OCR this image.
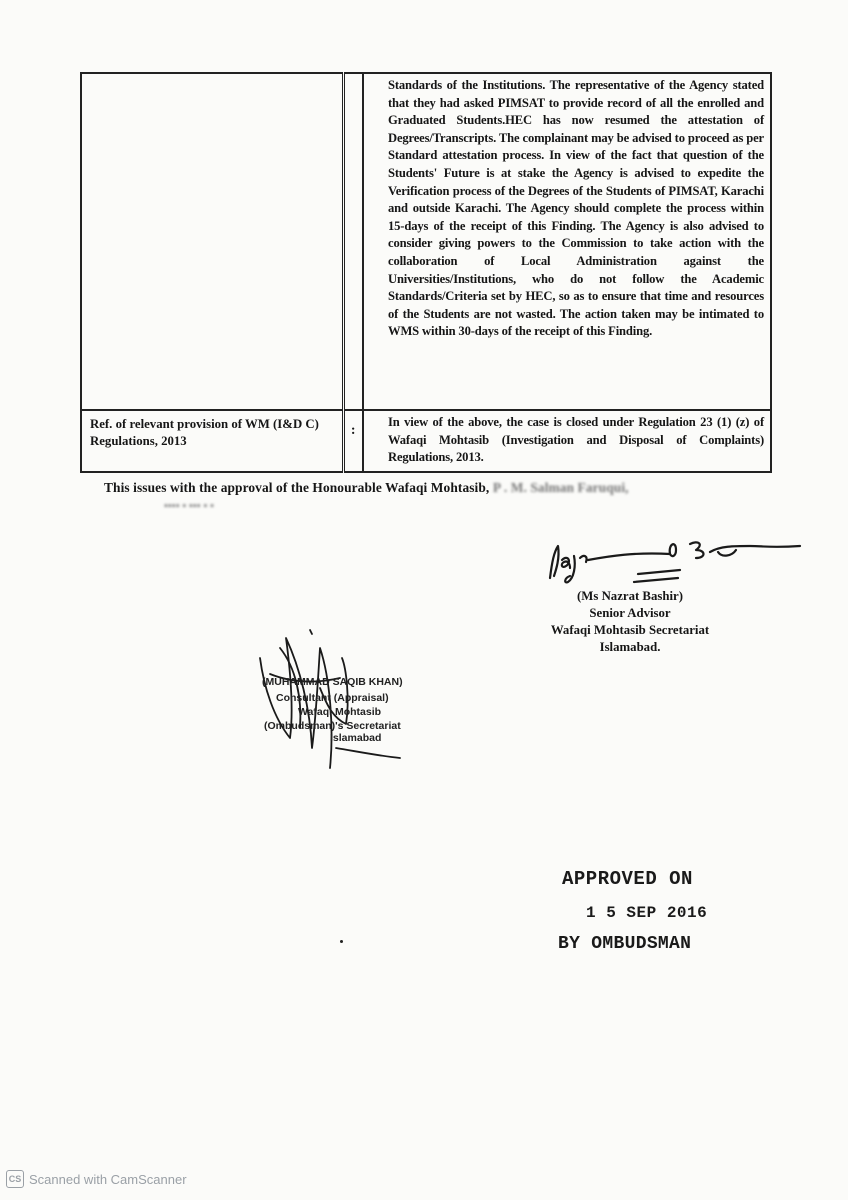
		Standards of the Institutions. The representative of the Agency stated that they had asked PIMSAT to provide record of all the enrolled and Graduated Students.HEC has now resumed the attestation of Degrees/Transcripts. The complainant may be advised to proceed as per Standard attestation process. In view of the fact that question of the Students' Future is at stake the Agency is advised to expedite the Verification process of the Degrees of the Students of PIMSAT, Karachi and outside Karachi. The Agency should complete the process within 15-days of the receipt of this Finding. The Agency is also advised to consider giving powers to the Commission to take action with the collaboration of Local Administration against the Universities/Institutions, who do not follow the Academic Standards/Criteria set by HEC, so as to ensure that time and resources of the Students are not wasted. The action taken may be intimated to WMS within 30-days of the receipt of this Finding.
Ref. of relevant provision of WM (I&D C) Regulations, 2013	:	In view of the above, the case is closed under Regulation 23 (1) (z) of Wafaqi Mohtasib (Investigation and Disposal of Complaints) Regulations, 2013.
This issues with the approval of the Honourable Wafaqi Mohtasib, P . M. Salman Faruqui,
▪▪▪▪ ▪ ▪▪▪ ▪ ▪
(Ms Nazrat Bashir)
Senior Advisor
Wafaqi Mohtasib Secretariat
Islamabad.
(MUHAMMAD SAQIB KHAN)
Consultant (Appraisal)
Wafaqi Mohtasib
(Ombudsman)'s Secretariat
Islamabad
APPROVED ON
1 5 SEP 2016
BY OMBUDSMAN
CS Scanned with CamScanner
